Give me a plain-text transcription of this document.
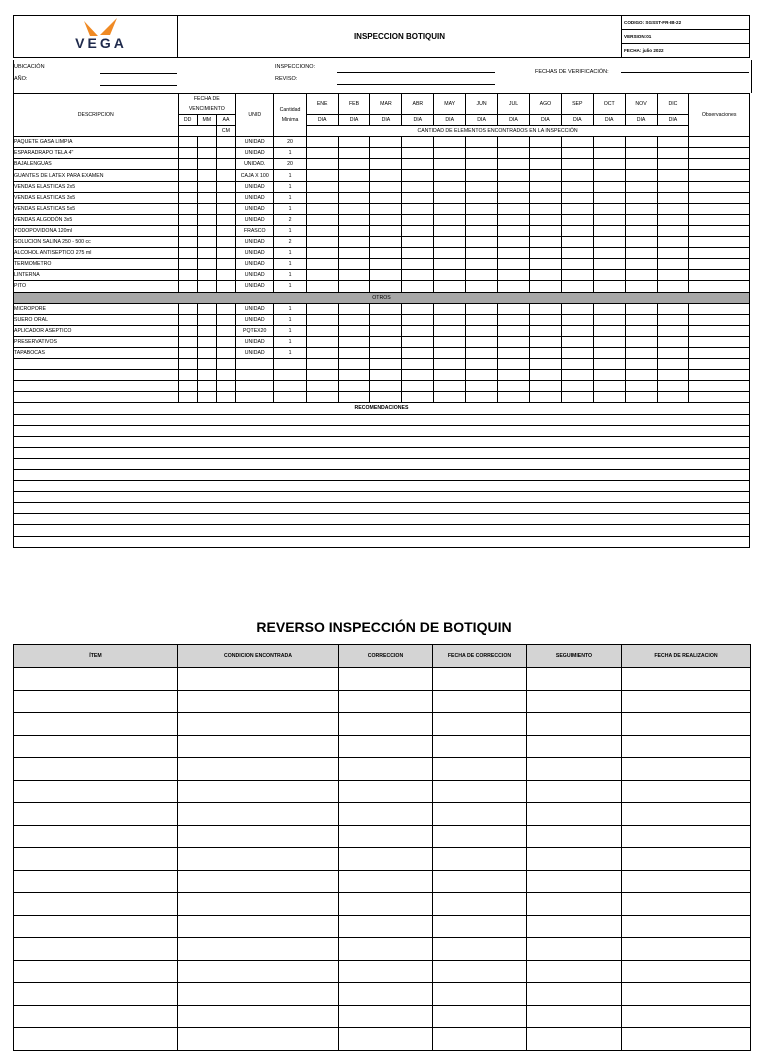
VEGA	INSPECCION BOTIQUIN	CODIGO: SGSST-FR-IB-22
VERSION:01
FECHA: julio 2022
UBICACIÓN
AÑO:
INSPECCIONO:
REVISO:
FECHAS DE VERIFICACIÓN:
DESCRIPCION	FECHA DE VENCIMIENTO			UNID	Cantidad Minima	ENE	FEB	MAR	ABR	MAY	JUN	JUL	AGO	SEP	OCT	NOV	DIC	Observaciones
	DD	MM	AA			DIA	DIA	DIA	DIA	DIA	DIA	DIA	DIA	DIA	DIA	DIA	DIA	
			CM			CANTIDAD DE ELEMENTOS ENCONTRADOS EN LA INSPECCIÓN												
PAQUETE GASA LIMPIA				UNIDAD	20													
ESPARADRAPO TELA 4"				UNIDAD	1													
BAJALENGUAS				UNIDAD.	20													
GUANTES DE LATEX PARA EXAMEN				CAJA X 100	1													
VENDAS ELASTICAS 2x5				UNIDAD	1													
VENDAS ELASTICAS 3x5				UNIDAD	1													
VENDAS ELASTICAS 5x5				UNIDAD	1													
VENDAS ALGODÓN 3x5				UNIDAD	2													
YODOPOVIDONA 120ml				FRASCO	1													
SOLUCION SALINA 250 - 500 cc				UNIDAD	2													
ALCOHOL ANTISEPTICO 275 ml				UNIDAD	1													
TERMOMETRO				UNIDAD	1													
LINTERNA				UNIDAD	1													
PITO				UNIDAD	1													
OTROS																		
MICROPORE				UNIDAD	1													
SUERO ORAL				UNIDAD	1													
APLICADOR ASEPTICO				PQTEX20	1													
PRESERVATIVOS				UNIDAD	1													
TAPABOCAS				UNIDAD	1													

RECOMENDACIONES																		

REVERSO INSPECCIÓN DE BOTIQUIN
ÍTEM	CONDICION ENCONTRADA	CORRECCION	FECHA DE CORRECCION	SEGUIMIENTO	FECHA DE REALIZACION
